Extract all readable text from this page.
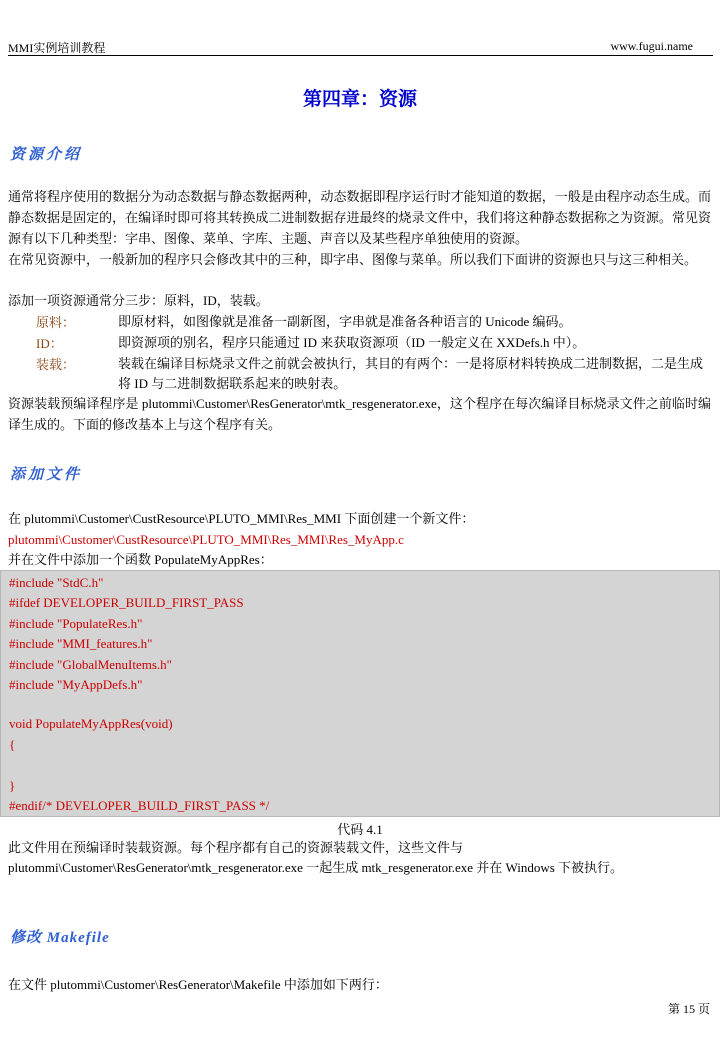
MMI实例培训教程	www.fugui.name
第四章：资源
资源介绍
通常将程序使用的数据分为动态数据与静态数据两种，动态数据即程序运行时才能知道的数据，一般是由程序动态生成。而静态数据是固定的，在编译时即可将其转换成二进制数据存进最终的烧录文件中，我们将这种静态数据称之为资源。常见资源有以下几种类型：字串、图像、菜单、字库、主题、声音以及某些程序单独使用的资源。
在常见资源中，一般新加的程序只会修改其中的三种，即字串、图像与菜单。所以我们下面讲的资源也只与这三种相关。
添加一项资源通常分三步：原料，ID，装载。
原料：	即原材料，如图像就是准备一副新图，字串就是准备各种语言的 Unicode 编码。
ID：	即资源项的别名，程序只能通过 ID 来获取资源项（ID 一般定义在 XXDefs.h 中）。
装载：	装载在编译目标烧录文件之前就会被执行，其目的有两个：一是将原材料转换成二进制数据，二是生成将 ID 与二进制数据联系起来的映射表。
资源装载预编译程序是 plutommi\Customer\ResGenerator\mtk_resgenerator.exe，这个程序在每次编译目标烧录文件之前临时编译生成的。下面的修改基本上与这个程序有关。
添加文件
在 plutommi\Customer\CustResource\PLUTO_MMI\Res_MMI 下面创建一个新文件：
plutommi\Customer\CustResource\PLUTO_MMI\Res_MMI\Res_MyApp.c
并在文件中添加一个函数 PopulateMyAppRes：
#include "StdC.h"
#ifdef DEVELOPER_BUILD_FIRST_PASS
#include "PopulateRes.h"
#include "MMI_features.h"
#include "GlobalMenuItems.h"
#include "MyAppDefs.h"
void PopulateMyAppRes(void)
{
}
#endif/* DEVELOPER_BUILD_FIRST_PASS */
代码 4.1
此文件用在预编译时装载资源。每个程序都有自己的资源装载文件，这些文件与
plutommi\Customer\ResGenerator\mtk_resgenerator.exe 一起生成 mtk_resgenerator.exe 并在 Windows 下被执行。
修改 Makefile
在文件 plutommi\Customer\ResGenerator\Makefile 中添加如下两行：
第 15 页
